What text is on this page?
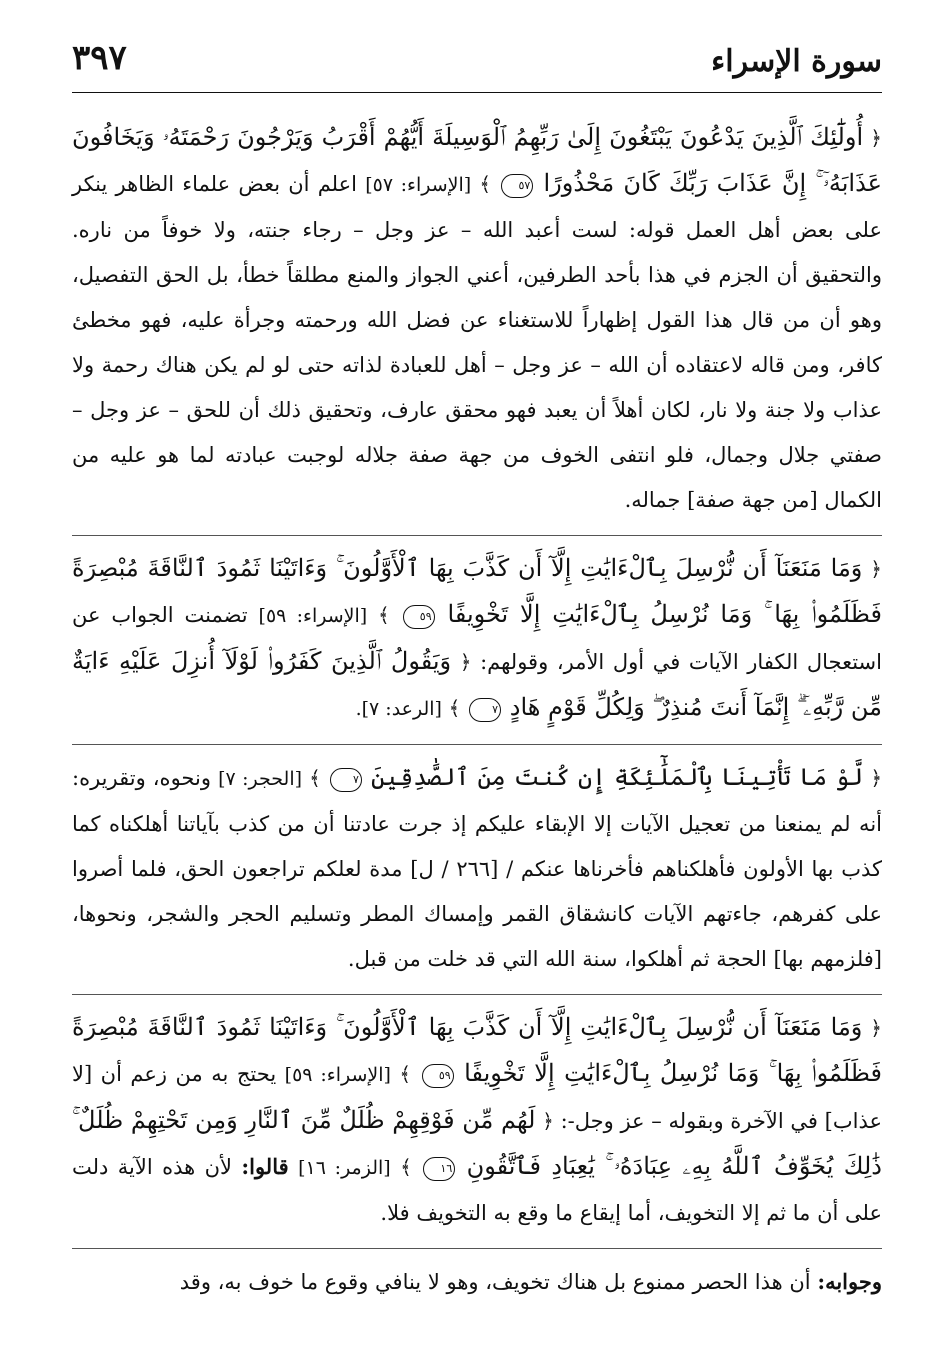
سورة الإسراء
٣٩٧

﴿ أُولَٰٓئِكَ ٱلَّذِينَ يَدْعُونَ يَبْتَغُونَ إِلَىٰ رَبِّهِمُ ٱلْوَسِيلَةَ أَيُّهُمْ أَقْرَبُ وَيَرْجُونَ رَحْمَتَهُۥ وَيَخَافُونَ عَذَابَهُۥٓ ۚ إِنَّ عَذَابَ رَبِّكَ كَانَ مَحْذُورًا ٥٧ ﴾ [الإسراء: ٥٧] اعلم أن بعض علماء الظاهر ينكر على بعض أهل العمل قوله: لست أعبد الله – عز وجل – رجاء جنته، ولا خوفاً من ناره. والتحقيق أن الجزم في هذا بأحد الطرفين، أعني الجواز والمنع مطلقاً خطأ، بل الحق التفصيل، وهو أن من قال هذا القول إظهاراً للاستغناء عن فضل الله ورحمته وجرأة عليه، فهو مخطئ كافر، ومن قاله لاعتقاده أن الله – عز وجل – أهل للعبادة لذاته حتى لو لم يكن هناك رحمة ولا عذاب ولا جنة ولا نار، لكان أهلاً أن يعبد فهو محقق عارف، وتحقيق ذلك أن للحق – عز وجل – صفتي جلال وجمال، فلو انتفى الخوف من جهة صفة جلاله لوجبت عبادته لما هو عليه من الكمال [من جهة صفة] جماله.

﴿ وَمَا مَنَعَنَآ أَن نُّرْسِلَ بِٱلْءَايَٰتِ إِلَّآ أَن كَذَّبَ بِهَا ٱلْأَوَّلُونَ ۚ وَءَاتَيْنَا ثَمُودَ ٱلنَّاقَةَ مُبْصِرَةً فَظَلَمُوا۟ بِهَا ۚ وَمَا نُرْسِلُ بِٱلْءَايَٰتِ إِلَّا تَخْوِيفًا ٥٩ ﴾ [الإسراء: ٥٩] تضمنت الجواب عن استعجال الكفار الآيات في أول الأمر، وقولهم: ﴿ وَيَقُولُ ٱلَّذِينَ كَفَرُوا۟ لَوْلَآ أُنزِلَ عَلَيْهِ ءَايَةٌ مِّن رَّبِّهِۦٓ ۗ إِنَّمَآ أَنتَ مُنذِرٌ ۖ وَلِكُلِّ قَوْمٍ هَادٍ ٧ ﴾ [الرعد: ٧].

﴿ لَّوْ مَا تَأْتِينَا بِٱلْمَلَٰٓئِكَةِ إِن كُنتَ مِنَ ٱلصَّٰدِقِينَ ٧ ﴾ [الحجر: ٧] ونحوه، وتقريره: أنه لم يمنعنا من تعجيل الآيات إلا الإبقاء عليكم إذ جرت عادتنا أن من كذب بآياتنا أهلكناه كما كذب بها الأولون فأهلكناهم فأخرناها عنكم / [٢٦٦ / ل] مدة لعلكم تراجعون الحق، فلما أصروا على كفرهم، جاءتهم الآيات كانشقاق القمر وإمساك المطر وتسليم الحجر والشجر، ونحوها، [فلزمهم بها] الحجة ثم أهلكوا، سنة الله التي قد خلت من قبل.

﴿ وَمَا مَنَعَنَآ أَن نُّرْسِلَ بِٱلْءَايَٰتِ إِلَّآ أَن كَذَّبَ بِهَا ٱلْأَوَّلُونَ ۚ وَءَاتَيْنَا ثَمُودَ ٱلنَّاقَةَ مُبْصِرَةً فَظَلَمُوا۟ بِهَا ۚ وَمَا نُرْسِلُ بِٱلْءَايَٰتِ إِلَّا تَخْوِيفًا ٥٩ ﴾ [الإسراء: ٥٩] يحتج به من زعم أن [لا عذاب] في الآخرة وبقوله – عز وجل-: ﴿ لَهُم مِّن فَوْقِهِمْ ظُلَلٌ مِّنَ ٱلنَّارِ وَمِن تَحْتِهِمْ ظُلَلٌ ۚ ذَٰلِكَ يُخَوِّفُ ٱللَّهُ بِهِۦ عِبَادَهُۥ ۚ يَٰعِبَادِ فَٱتَّقُونِ ١٦ ﴾ [الزمر: ١٦] قالوا: لأن هذه الآية دلت على أن ما ثم إلا التخويف، أما إيقاع ما وقع به التخويف فلا.

وجوابه: أن هذا الحصر ممنوع بل هناك تخويف، وهو لا ينافي وقوع ما خوف به، وقد
